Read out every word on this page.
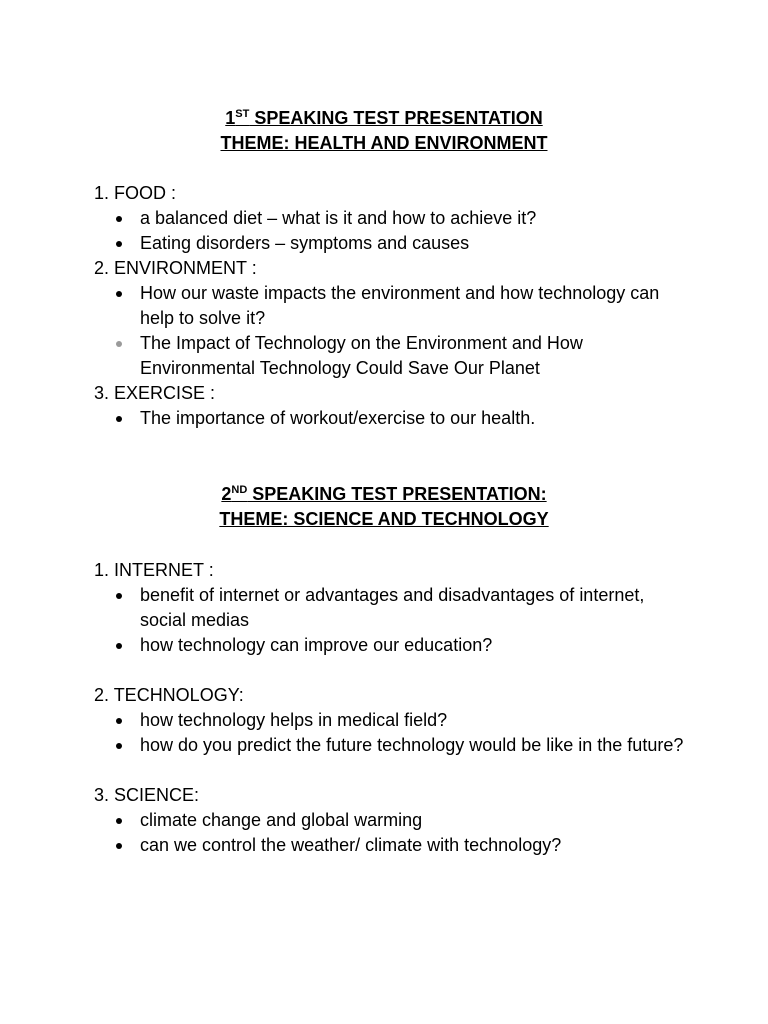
1ST SPEAKING TEST PRESENTATION

THEME: HEALTH AND ENVIRONMENT

1. FOOD :

a balanced diet – what is it and how to achieve it?
Eating disorders – symptoms and causes

2. ENVIRONMENT :

How our waste impacts the environment and how technology can help to solve it?
The Impact of Technology on the Environment and How Environmental Technology Could Save Our Planet

3. EXERCISE :

The importance of workout/exercise to our health.

2ND SPEAKING TEST PRESENTATION:

THEME: SCIENCE AND TECHNOLOGY

1. INTERNET :

benefit of internet or advantages and disadvantages of internet, social medias
how technology can improve our education?

2. TECHNOLOGY:

how technology helps in medical field?
how do you predict the future technology would be like in the future?

3. SCIENCE:

climate change and global warming
can we control the weather/ climate with technology?
